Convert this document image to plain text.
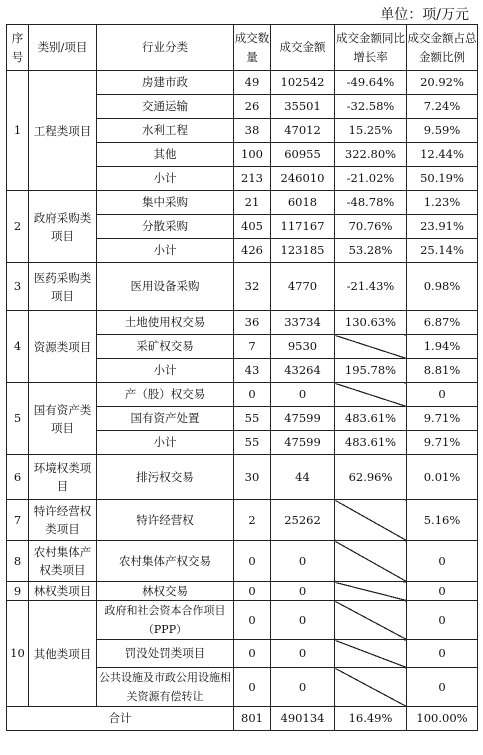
单位：项/万元
序号	类别/项目	行业分类	成交数量	成交金额	成交金额同比增长率	成交金额占总金额比例
1	工程类项目	房建市政	49	102542	-49.64%	20.92%
		交通运输	26	35501	-32.58%	7.24%
		水利工程	38	47012	15.25%	9.59%
		其他	100	60955	322.80%	12.44%
		小计	213	246010	-21.02%	50.19%
2	政府采购类项目	集中采购	21	6018	-48.78%	1.23%
		分散采购	405	117167	70.76%	23.91%
		小计	426	123185	53.28%	25.14%
3	医药采购类项目	医用设备采购	32	4770	-21.43%	0.98%
4	资源类项目	土地使用权交易	36	33734	130.63%	6.87%
		采矿权交易	7	9530		1.94%
		小计	43	43264	195.78%	8.81%
5	国有资产类项目	产（股）权交易	0	0		0
		国有资产处置	55	47599	483.61%	9.71%
		小计	55	47599	483.61%	9.71%
6	环境权类项目	排污权交易	30	44	62.96%	0.01%
7	特许经营权类项目	特许经营权	2	25262		5.16%
8	农村集体产权类项目	农村集体产权交易	0	0		0
9	林权类项目	林权交易	0	0		0
10	其他类项目	政府和社会资本合作项目（PPP）	0	0		0
		罚没处罚类项目	0	0		0
		公共设施及市政公用设施相关资源有偿转让	0	0		0
合计			801	490134	16.49%	100.00%
